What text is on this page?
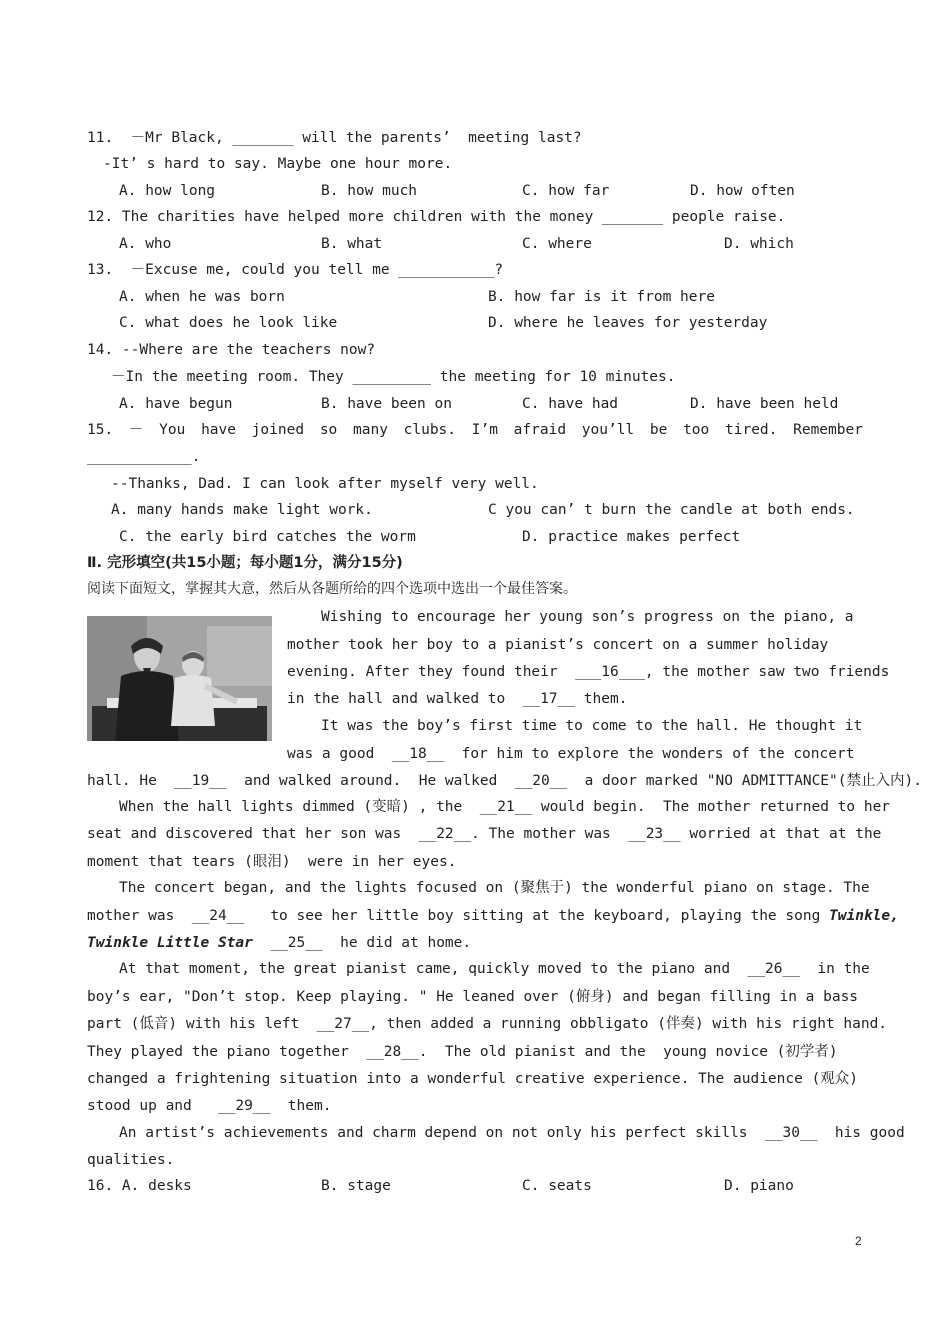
11.  －Mr Black, _______ will the parents’  meeting last?
-It’ s hard to say. Maybe one hour more.
A. how long	B. how much	C. how far	D. how often
12. The charities have helped more children with the money _______ people raise.
A. who	B. what	C. where	D. which
13.  －Excuse me, could you tell me ___________?
A. when he was born	B. how far is it from here
C. what does he look like	D. where he leaves for yesterday
14. --Where are the teachers now?
－In the meeting room. They _________ the meeting for 10 minutes.
A. have begun	B. have been on	C. have had	D. have been held
15. － You have joined so many clubs. I’m afraid you’ll be too tired. Remember
____________.
--Thanks, Dad. I can look after myself very well.
A. many hands make light work.	C you can’ t burn the candle at both ends.
C. the early bird catches the worm	D. practice makes perfect
Ⅱ. 完形填空(共15小题；每小题1分，满分15分)
阅读下面短文，掌握其大意，然后从各题所给的四个选项中选出一个最佳答案。
Wishing to encourage her young son’s progress on the piano, a
mother took her boy to a pianist’s concert on a summer holiday
evening. After they found their  ___16___, the mother saw two friends
in the hall and walked to  __17__ them.
It was the boy’s first time to come to the hall. He thought it
was a good  __18__  for him to explore the wonders of the concert
hall. He  __19__  and walked around.  He walked  __20__  a door marked "NO ADMITTANCE"(禁止入内).
When the hall lights dimmed (变暗) , the  __21__ would begin.  The mother returned to her
seat and discovered that her son was  __22__. The mother was  __23__ worried at that at the
moment that tears (眼泪)  were in her eyes.
The concert began, and the lights focused on (聚焦于) the wonderful piano on stage. The
mother was  __24__   to see her little boy sitting at the keyboard, playing the song Twinkle,
Twinkle Little Star  __25__  he did at home.
At that moment, the great pianist came, quickly moved to the piano and  __26__  in the
boy’s ear, "Don’t stop. Keep playing. " He leaned over (俯身) and began filling in a bass
part (低音) with his left  __27__, then added a running obbligato (伴奏) with his right hand.
They played the piano together  __28__.  The old pianist and the  young novice (初学者)
changed a frightening situation into a wonderful creative experience. The audience (观众)
stood up and   __29__  them.
An artist’s achievements and charm depend on not only his perfect skills  __30__  his good
qualities.
16. A. desks	B. stage	C. seats	D. piano
2
